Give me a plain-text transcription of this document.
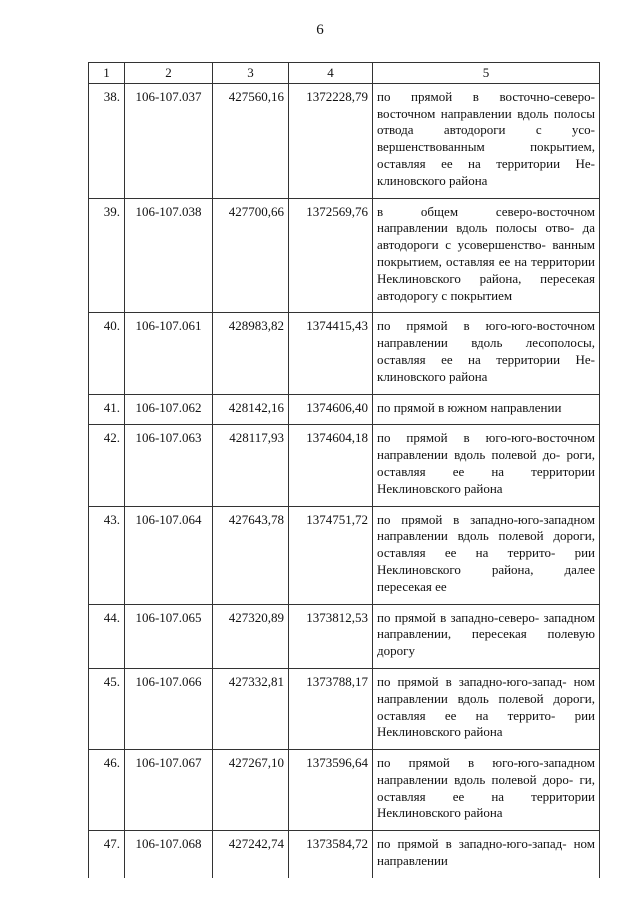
6
1	2	3	4	5
38.	106-107.037	427560,16	1372228,79	по прямой в восточно-северо- восточном направлении вдоль полосы отвода автодороги с усо- вершенствованным покрытием, оставляя ее на территории Не- клиновского района
39.	106-107.038	427700,66	1372569,76	в общем северо-восточном направлении вдоль полосы отво- да автодороги с усовершенство- ванным покрытием, оставляя ее на территории Неклиновского района, пересекая автодорогу с покрытием
40.	106-107.061	428983,82	1374415,43	по прямой в юго-юго-восточном направлении вдоль лесополосы, оставляя ее на территории Не- клиновского района
41.	106-107.062	428142,16	1374606,40	по прямой в южном направлении
42.	106-107.063	428117,93	1374604,18	по прямой в юго-юго-восточном направлении вдоль полевой до- роги, оставляя ее на территории Неклиновского района
43.	106-107.064	427643,78	1374751,72	по прямой в западно-юго-западном направлении вдоль полевой дороги, оставляя ее на террито- рии Неклиновского района, далее пересекая ее
44.	106-107.065	427320,89	1373812,53	по прямой в западно-северо- западном направлении, пересекая полевую дорогу
45.	106-107.066	427332,81	1373788,17	по прямой в западно-юго-запад- ном направлении вдоль полевой дороги, оставляя ее на террито- рии Неклиновского района
46.	106-107.067	427267,10	1373596,64	по прямой в юго-юго-западном направлении вдоль полевой доро- ги, оставляя ее на территории Неклиновского района
47.	106-107.068	427242,74	1373584,72	по прямой в западно-юго-запад- ном направлении
